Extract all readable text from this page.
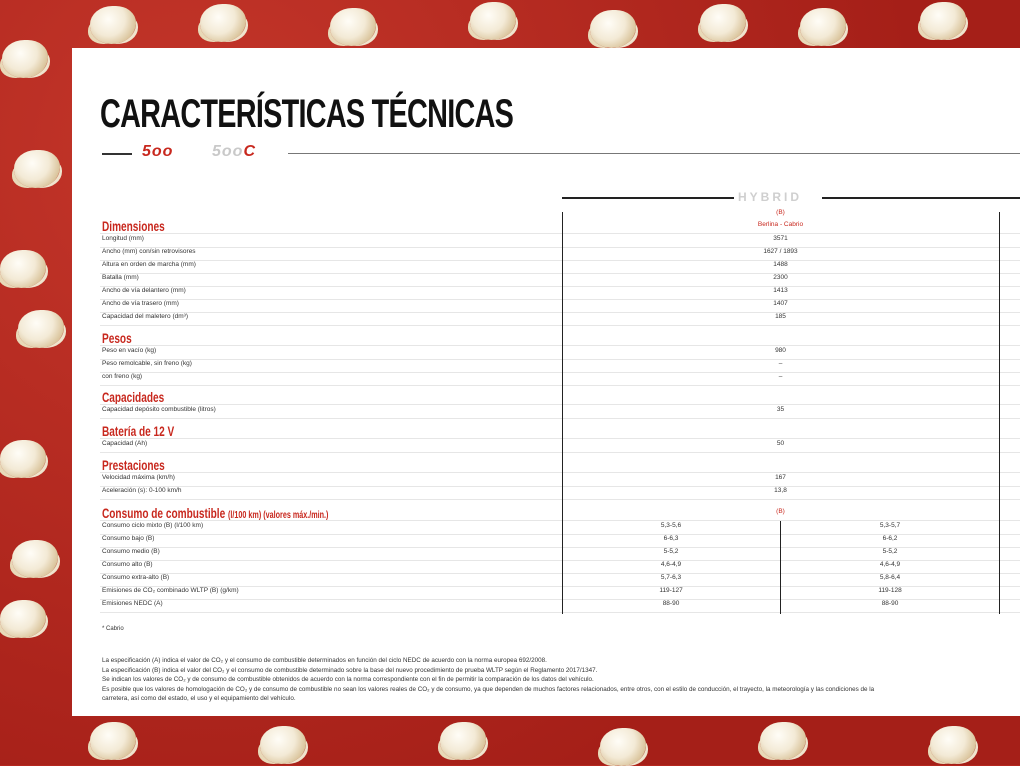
CARACTERÍSTICAS TÉCNICAS
5oo 5ooC
HYBRID
(B)
Dimensiones	Berlina - Cabrio
Longitud (mm)	3571
Ancho (mm) con/sin retrovisores	1627 / 1893
Altura en orden de marcha (mm)	1488
Batalla (mm)	2300
Ancho de vía delantero (mm)	1413
Ancho de vía trasero (mm)	1407
Capacidad del maletero (dm³)	185
Pesos
Peso en vacío (kg)	980
Peso remolcable, sin freno (kg)	–
con freno (kg)	–
Capacidades
Capacidad depósito combustible (litros)	35
Batería de 12 V
Capacidad (Ah)	50
Prestaciones
Velocidad máxima (km/h)	167
Aceleración (s): 0-100 km/h	13,8
Consumo de combustible (l/100 km) (valores máx./min.)	(B)
Consumo ciclo mixto (B) (l/100 km)	5,3-5,6	5,3-5,7
Consumo bajo (B)	6-6,3	6-6,2
Consumo medio (B)	5-5,2	5-5,2
Consumo alto (B)	4,6-4,9	4,6-4,9
Consumo extra-alto (B)	5,7-6,3	5,8-6,4
Emisiones de CO₂ combinado WLTP (B) (g/km)	119-127	119-128
Emisiones NEDC (A)	88-90	88-90
* Cabrio

La especificación (A) indica el valor de CO₂ y el consumo de combustible determinados en función del ciclo NEDC de acuerdo con la norma europea 692/2008.

La especificación (B) indica el valor del CO₂ y el consumo de combustible determinado sobre la base del nuevo procedimiento de prueba WLTP según el Reglamento 2017/1347.

Se indican los valores de CO₂ y de consumo de combustible obtenidos de acuerdo con la norma correspondiente con el fin de permitir la comparación de los datos del vehículo.

Es posible que los valores de homologación de CO₂ y de consumo de combustible no sean los valores reales de CO₂ y de consumo, ya que dependen de muchos factores relacionados, entre otros, con el estilo de conducción, el trayecto, la meteorología y las condiciones de la

carretera, así como del estado, el uso y el equipamiento del vehículo.
